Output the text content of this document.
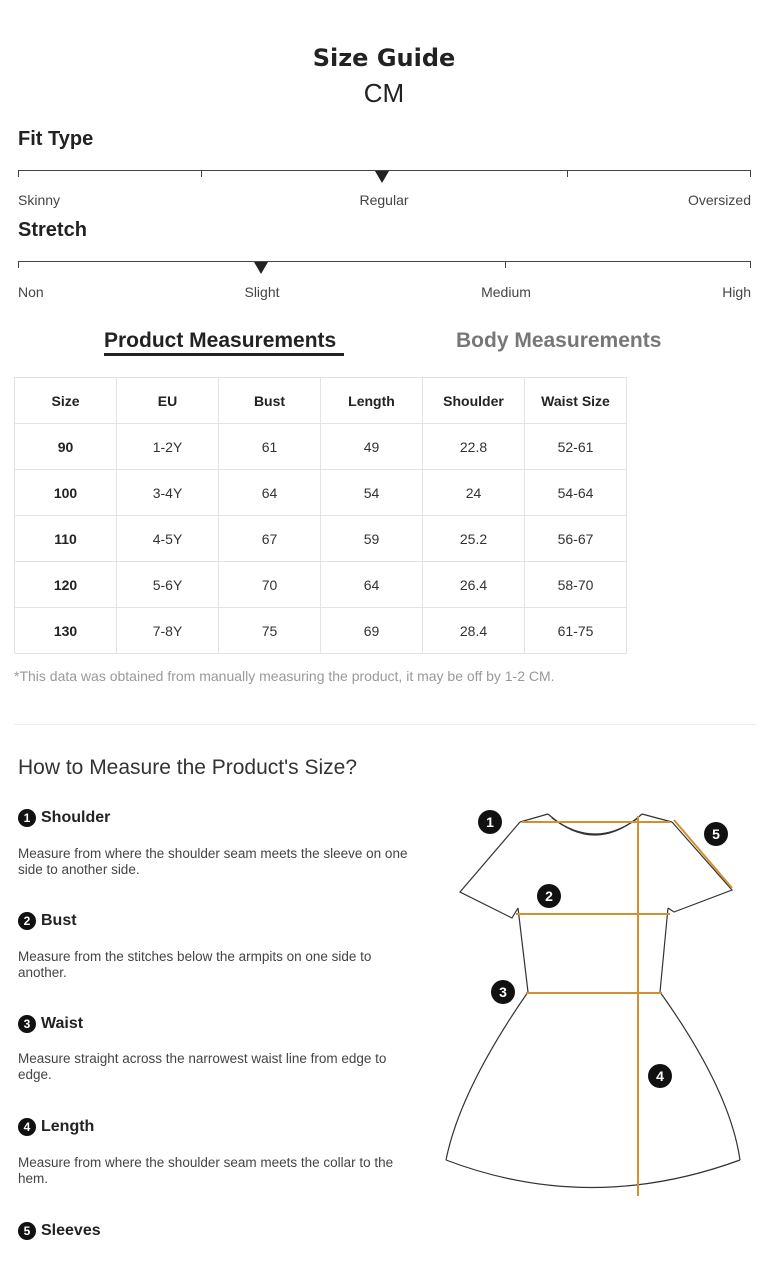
Size Guide
CM
Fit Type
Skinny	Regular	Oversized
Stretch
Non	Slight	Medium	High
Product Measurements	Body Measurements
Size	EU	Bust	Length	Shoulder	Waist Size
90	1-2Y	61	49	22.8	52-61
100	3-4Y	64	54	24	54-64
110	4-5Y	67	59	25.2	56-67
120	5-6Y	70	64	26.4	58-70
130	7-8Y	75	69	28.4	61-75
*This data was obtained from manually measuring the product, it may be off by 1-2 CM.
How to Measure the Product's Size?
1 Shoulder
Measure from where the shoulder seam meets the sleeve on one side to another side.
2 Bust
Measure from the stitches below the armpits on one side to another.
3 Waist
Measure straight across the narrowest waist line from edge to edge.
4 Length
Measure from where the shoulder seam meets the collar to the hem.
5 Sleeves
1
2
3
4
5
